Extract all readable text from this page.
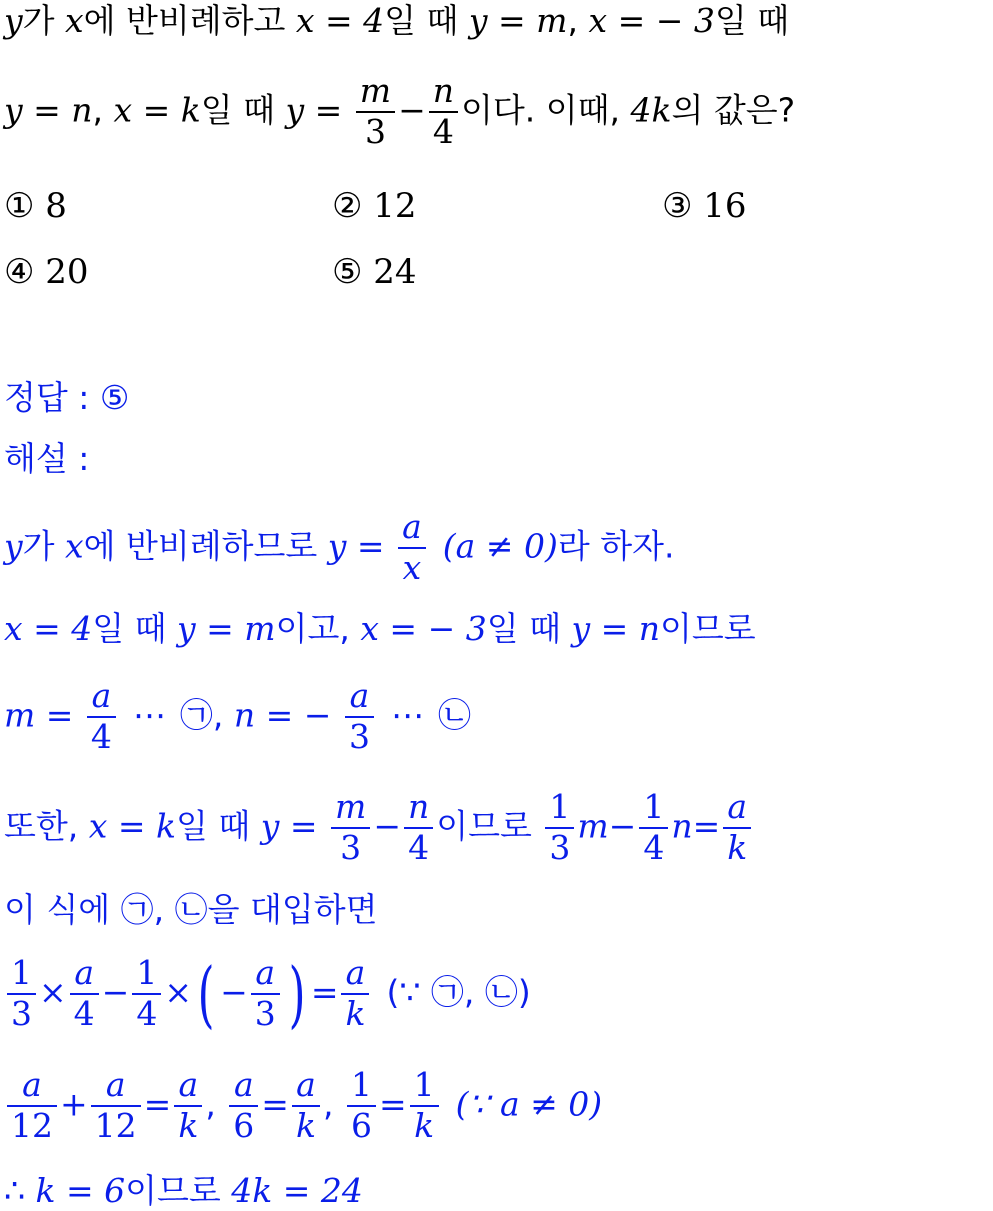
y가 x에 반비례하고 x = 4일 때 y = m, x = − 3일 때
y = n, x = k일 때 $y = \frac{m}{3} - \frac{n}{4}$ 이다. 이때, 4k의 값은?
① 8	② 12	③ 16
④ 20	⑤ 24
정답 : ⑤
해설 :
y가 x에 반비례하므로 $y = \frac{a}{x} (a \ne 0)$라 하자.
x = 4일 때 y = m이고, x = − 3일 때 y = n이므로
$m = \frac{a}{4}$ ⋯ ㉠, n = − $\frac{a}{3}$ ⋯ ㉡
또한, x = k일 때 $y = \frac{m}{3} - \frac{n}{4}$ 이므로 $\frac{1}{3} m- \frac{1}{4} n= \frac{a}{k}$
이 식에 ㉠, ㉡을 대입하면
$\frac{1}{3} \times \frac{a}{4} - \frac{1}{4}$ ×( − $\frac{a}{3}$ ) = $\frac{a}{k}$ (∵ ㉠, ㉡)
$\frac{a}{12} + \frac{a}{12} = \frac{a}{k}$ , $\frac{a}{6} = \frac{a}{k}$ , $\frac{1}{6} = \frac{1}{k}$ (∵ a ≠ 0)
∴ k = 6이므로 4k = 24
